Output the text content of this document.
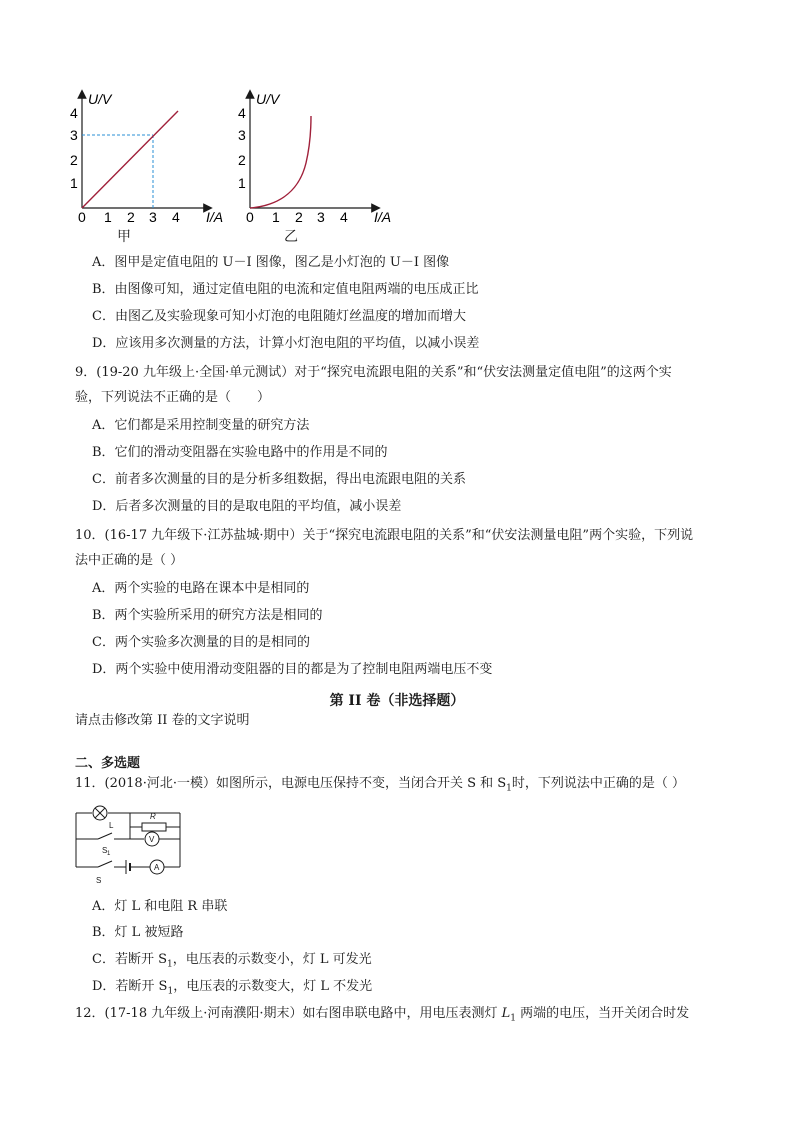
1
2
3
4
0 1 2 3 4
U/V
I/A
甲
1
2
3
4
0 1 2 3 4
U/V
I/A
乙
A．图甲是定值电阻的 U－I 图像，图乙是小灯泡的 U－I 图像
B．由图像可知，通过定值电阻的电流和定值电阻两端的电压成正比
C．由图乙及实验现象可知小灯泡的电阻随灯丝温度的增加而增大
D．应该用多次测量的方法，计算小灯泡电阻的平均值，以减小误差
9．(19-20 九年级上·全国·单元测试）对于“探究电流跟电阻的关系”和“伏安法测量定值电阻”的这两个实
验，下列说法不正确的是（　　）
A．它们都是采用控制变量的研究方法
B．它们的滑动变阻器在实验电路中的作用是不同的
C．前者多次测量的目的是分析多组数据，得出电流跟电阻的关系
D．后者多次测量的目的是取电阻的平均值，减小误差
10．(16-17 九年级下·江苏盐城·期中）关于“探究电流跟电阻的关系”和“伏安法测量电阻”两个实验，下列说
法中正确的是（ ）
A．两个实验的电路在课本中是相同的
B．两个实验所采用的研究方法是相同的
C．两个实验多次测量的目的是相同的
D．两个实验中使用滑动变阻器的目的都是为了控制电阻两端电压不变
第 II 卷（非选择题）
请点击修改第 II 卷的文字说明
二、多选题
11．(2018·河北·一模）如图所示，电源电压保持不变，当闭合开关 S 和 $S_1$时，下列说法中正确的是（ ）
L
R
V
A
S 1
S
A．灯 L 和电阻 R 串联
B．灯 L 被短路
C．若断开 $S_1$，电压表的示数变小，灯 L 可发光
D．若断开 $S_1$，电压表的示数变大，灯 L 不发光
12．(17-18 九年级上·河南濮阳·期末）如右图串联电路中，用电压表测灯 $L_1$ 两端的电压，当开关闭合时发
